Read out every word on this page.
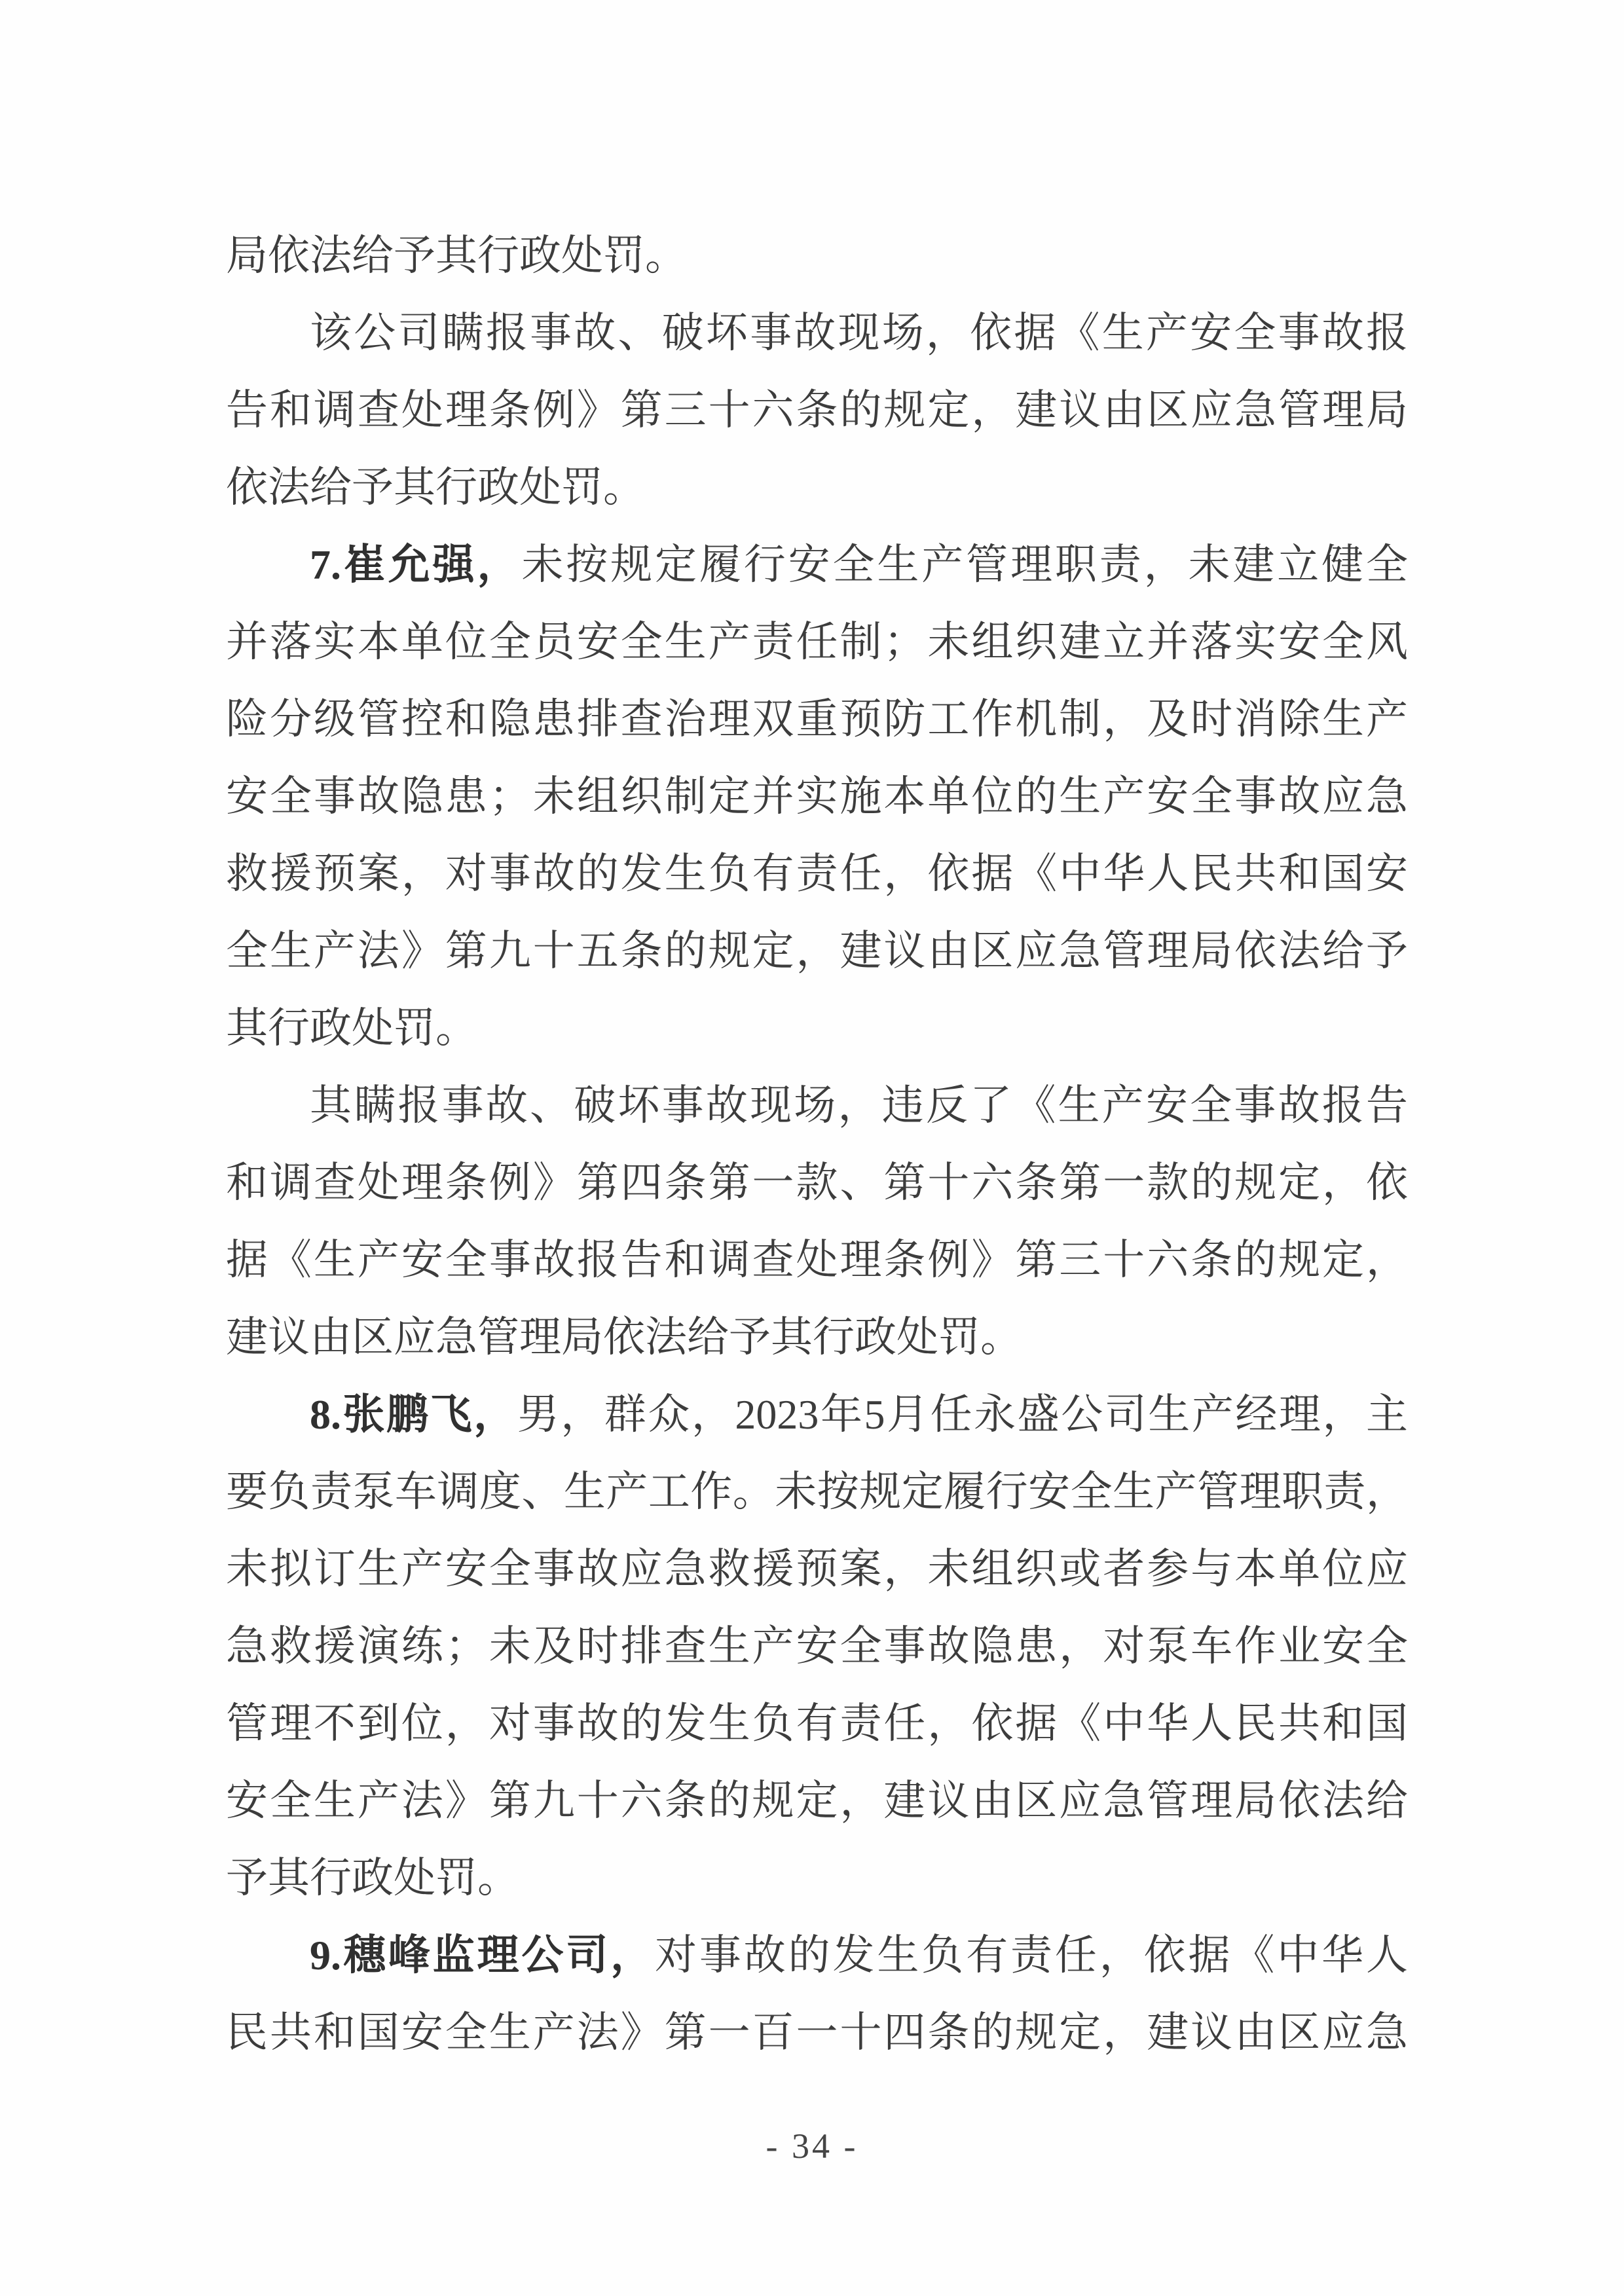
局依法给予其行政处罚。
该公司瞒报事故、破坏事故现场，依据《生产安全事故报
告和调查处理条例》第三十六条的规定，建议由区应急管理局
依法给予其行政处罚。
7.崔允强，未按规定履行安全生产管理职责，未建立健全
并落实本单位全员安全生产责任制；未组织建立并落实安全风
险分级管控和隐患排查治理双重预防工作机制，及时消除生产
安全事故隐患；未组织制定并实施本单位的生产安全事故应急
救援预案，对事故的发生负有责任，依据《中华人民共和国安
全生产法》第九十五条的规定，建议由区应急管理局依法给予
其行政处罚。
其瞒报事故、破坏事故现场，违反了《生产安全事故报告
和调查处理条例》第四条第一款、第十六条第一款的规定，依
据《生产安全事故报告和调查处理条例》第三十六条的规定，
建议由区应急管理局依法给予其行政处罚。
8.张鹏飞，男，群众，2023年5月任永盛公司生产经理，主
要负责泵车调度、生产工作。未按规定履行安全生产管理职责，
未拟订生产安全事故应急救援预案，未组织或者参与本单位应
急救援演练；未及时排查生产安全事故隐患，对泵车作业安全
管理不到位，对事故的发生负有责任，依据《中华人民共和国
安全生产法》第九十六条的规定，建议由区应急管理局依法给
予其行政处罚。
9.穗峰监理公司，对事故的发生负有责任，依据《中华人
民共和国安全生产法》第一百一十四条的规定，建议由区应急
- 34 -
